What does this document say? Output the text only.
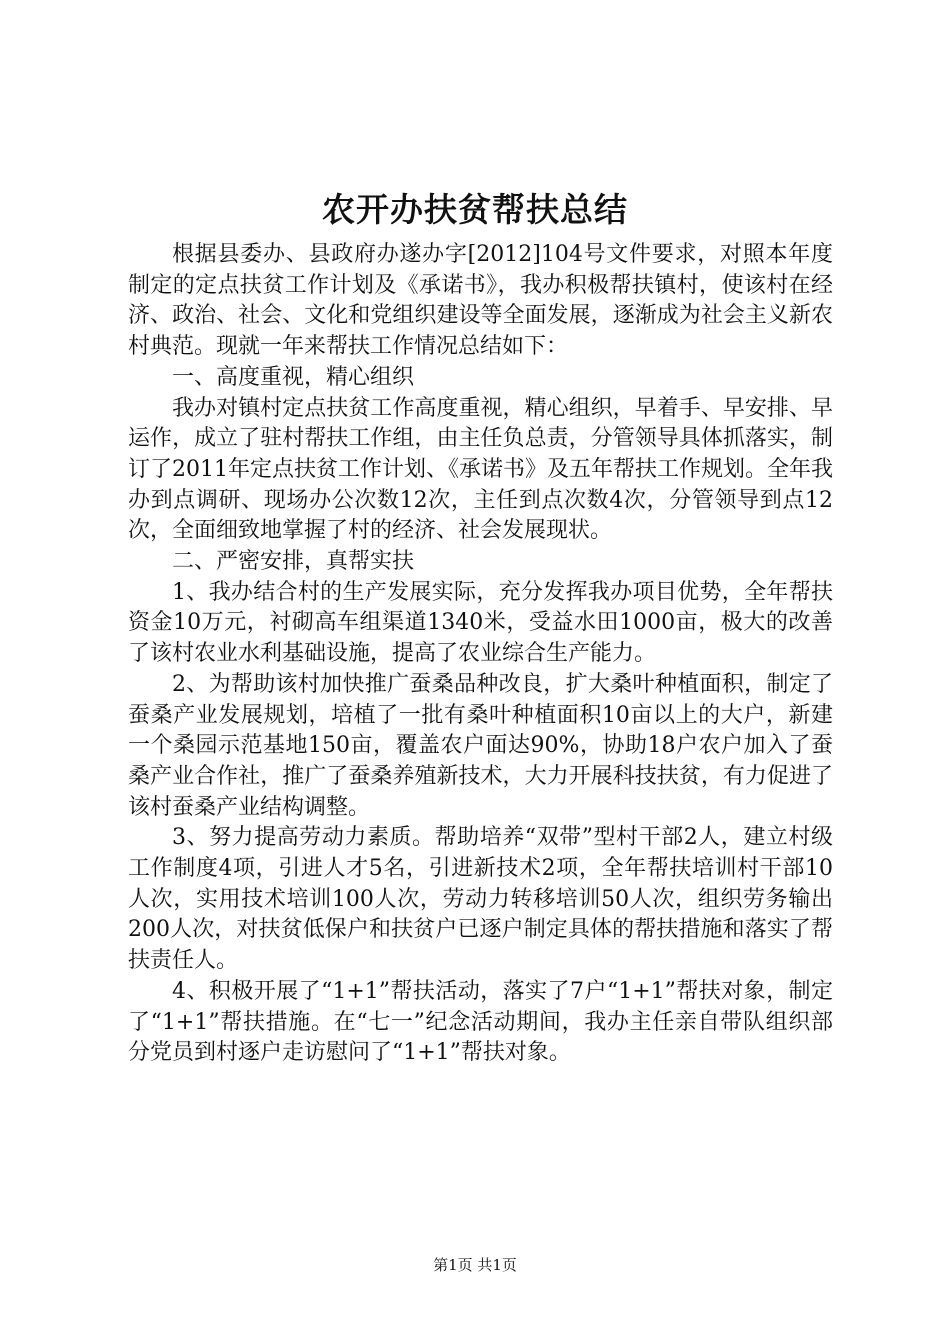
农开办扶贫帮扶总结

根据县委办、县政府办遂办字[2012]104号文件要求，对照本年度制定的定点扶贫工作计划及《承诺书》，我办积极帮扶镇村，使该村在经济、政治、社会、文化和党组织建设等全面发展，逐渐成为社会主义新农村典范。现就一年来帮扶工作情况总结如下：

一、高度重视，精心组织

我办对镇村定点扶贫工作高度重视，精心组织，早着手、早安排、早运作，成立了驻村帮扶工作组，由主任负总责，分管领导具体抓落实，制订了2011年定点扶贫工作计划、《承诺书》及五年帮扶工作规划。全年我办到点调研、现场办公次数12次，主任到点次数4次，分管领导到点12次，全面细致地掌握了村的经济、社会发展现状。

二、严密安排，真帮实扶

1、我办结合村的生产发展实际，充分发挥我办项目优势，全年帮扶资金10万元，衬砌高车组渠道1340米，受益水田1000亩，极大的改善了该村农业水利基础设施，提高了农业综合生产能力。

2、为帮助该村加快推广蚕桑品种改良，扩大桑叶种植面积，制定了蚕桑产业发展规划，培植了一批有桑叶种植面积10亩以上的大户，新建一个桑园示范基地150亩，覆盖农户面达90%，协助18户农户加入了蚕桑产业合作社，推广了蚕桑养殖新技术，大力开展科技扶贫，有力促进了该村蚕桑产业结构调整。

3、努力提高劳动力素质。帮助培养“双带”型村干部2人，建立村级工作制度4项，引进人才5名，引进新技术2项，全年帮扶培训村干部10人次，实用技术培训100人次，劳动力转移培训50人次，组织劳务输出200人次，对扶贫低保户和扶贫户已逐户制定具体的帮扶措施和落实了帮扶责任人。

4、积极开展了“1+1”帮扶活动，落实了7户“1+1”帮扶对象，制定了“1+1”帮扶措施。在“七一”纪念活动期间，我办主任亲自带队组织部分党员到村逐户走访慰问了“1+1”帮扶对象。

第1页 共1页
